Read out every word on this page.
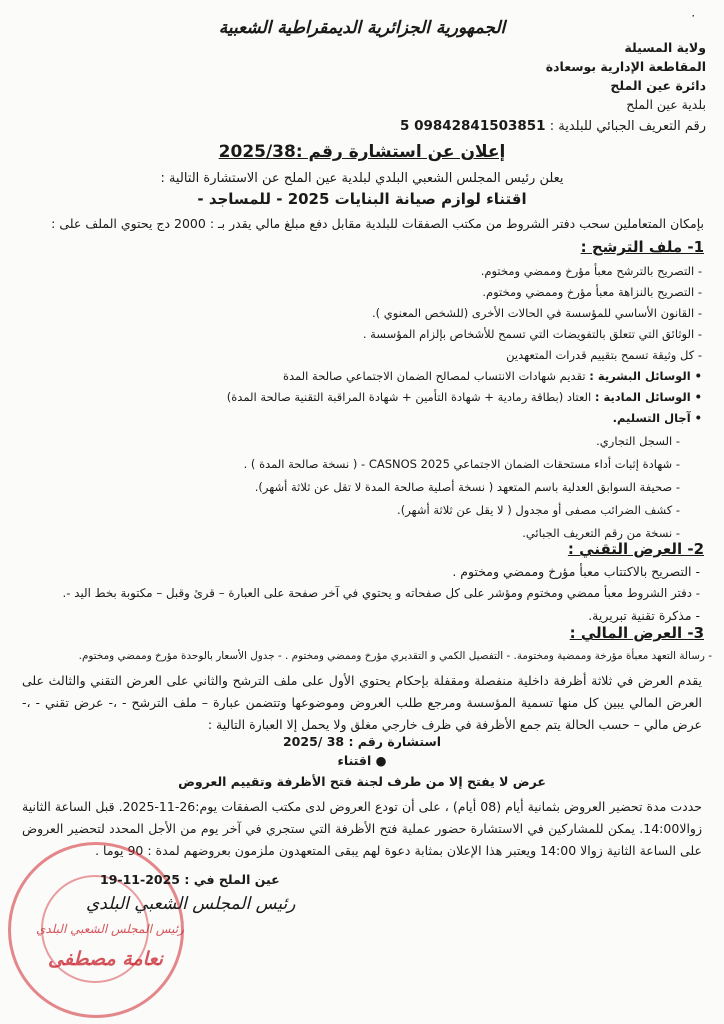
الجمهورية الجزائرية الديمقراطية الشعبية
٠
ولاية المسيلة
المقاطعة الإدارية بوسعادة
دائرة عين الملح
بلدية عين الملح
رقم التعريف الجبائي للبلدية : 09842841503851 5
إعلان عن استشارة رقم :2025/38
يعلن رئيس المجلس الشعبي البلدي لبلدية عين الملح عن الاستشارة التالية :
اقتناء لوازم صيانة البنايات 2025 - للمساجد -
بإمكان المتعاملين سحب دفتر الشروط من مكتب الصفقات للبلدية مقابل دفع مبلغ مالي يقدر بـ : 2000 دج يحتوي الملف على :
1- ملف الترشح :
- التصريح بالترشح معبأ مؤرخ وممضي ومختوم.
- التصريح بالنزاهة معبأ مؤرخ وممضي ومختوم.
- القانون الأساسي للمؤسسة في الحالات الأخرى (للشخص المعنوي ).
- الوثائق التي تتعلق بالتفويضات التي تسمح للأشخاص بإلزام المؤسسة .
- كل وثيقة تسمح بتقييم قدرات المتعهدين
• الوسائل البشرية : تقديم شهادات الانتساب لمصالح الضمان الاجتماعي صالحة المدة
• الوسائل المادية : العتاد (بطاقة رمادية + شهادة التأمين + شهادة المراقبة التقنية صالحة المدة)
• آجال التسليم.
- السجل التجاري.
- شهادة إثبات أداء مستحقات الضمان الاجتماعي CASNOS 2025 - ( نسخة صالحة المدة ) .
- صحيفة السوابق العدلية باسم المتعهد ( نسخة أصلية صالحة المدة لا تقل عن ثلاثة أشهر).
- كشف الضرائب مصفى أو مجدول ( لا يقل عن ثلاثة أشهر).
- نسخة من رقم التعريف الجبائي.
2- العرض التقني :
- التصريح بالاكتتاب معبأ مؤرخ وممضي ومختوم .
- دفتر الشروط معبأ ممضي ومختوم ومؤشر على كل صفحاته و يحتوي في آخر صفحة على العبارة – قرئ وقبل – مكتوبة بخط اليد -.
- مذكرة تقنية تبريرية.
3- العرض المالي :
- رسالة التعهد معبأة مؤرخة وممضية ومختومة. - التفصيل الكمي و التقديري مؤرخ وممضي ومختوم . - جدول الأسعار بالوحدة مؤرخ وممضي ومختوم.
يقدم العرض في ثلاثة أظرفة داخلية منفصلة ومقفلة بإحكام يحتوي الأول على ملف الترشح والثاني على العرض التقني والثالث على العرض المالي يبين كل منها تسمية المؤسسة ومرجع طلب العروض وموضوعها وتتضمن عبارة – ملف الترشح - ،- عرض تقني - ،- عرض مالي – حسب الحالة يتم جمع الأظرفة في ظرف خارجي مغلق ولا يحمل إلا العبارة التالية :
استشارة رقم : 38 /2025
● اقتناء
عرض لا يفتح إلا من طرف لجنة فتح الأظرفة وتقييم العروض
حددت مدة تحضير العروض بثمانية أيام (08 أيام) ، على أن تودع العروض لدى مكتب الصفقات يوم:26-11-2025. قبل الساعة الثانية زوالا14:00. يمكن للمشاركين في الاستشارة حضور عملية فتح الأظرفة التي ستجري في آخر يوم من الأجل المحدد لتحضير العروض على الساعة الثانية زوالا 14:00 ويعتبر هذا الإعلان بمثابة دعوة لهم يبقى المتعهدون ملزمون بعروضهم لمدة : 90 يوما .
رئيس المجلس الشعبي البلدي
عين الملح في : 2025-11-19
رئيس المجلس الشعبي البلدي
نعامة مصطفى
